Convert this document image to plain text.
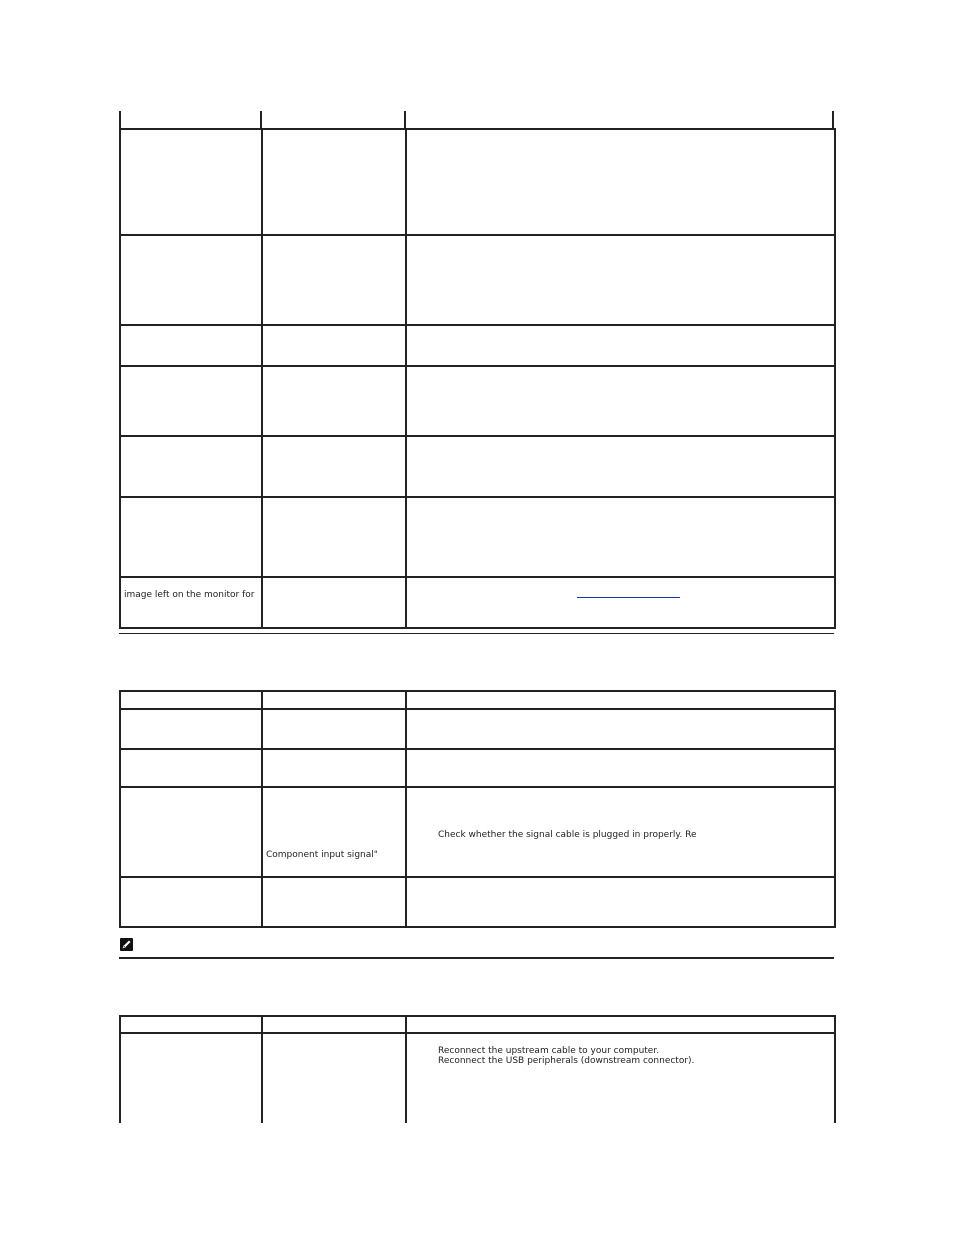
image left on the monitor for		

	Component input signal"	Check whether the signal cable is plugged in properly. Re

		Reconnect the upstream cable to your computer.
Reconnect the USB peripherals (downstream connector).
